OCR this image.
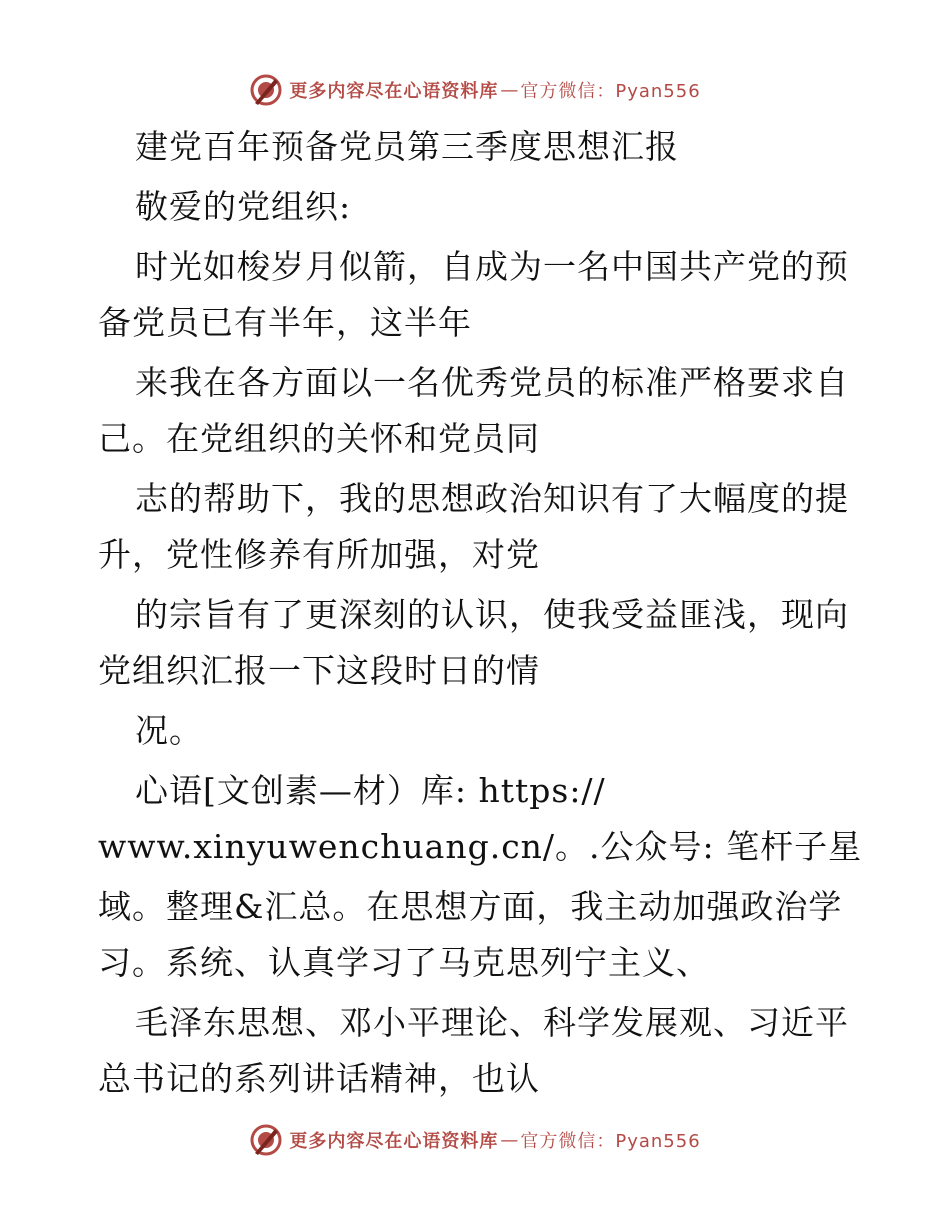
更多内容尽在心语资料库 — 官方微信：Pyan556
建党百年预备党员第三季度思想汇报
敬爱的党组织:
时光如梭岁月似箭，自成为一名中国共产党的预
备党员已有半年，这半年
来我在各方面以一名优秀党员的标准严格要求自
己。在党组织的关怀和党员同
志的帮助下，我的思想政治知识有了大幅度的提
升，党性修养有所加强，对党
的宗旨有了更深刻的认识，使我受益匪浅，现向
党组织汇报一下这段时日的情
况。
心语[文创素—材）库: https://
www.xinyuwenchuang.cn/。.公众号: 笔杆子星
域。整理&汇总。在思想方面，我主动加强政治学
习。系统、认真学习了马克思列宁主义、
毛泽东思想、邓小平理论、科学发展观、习近平
总书记的系列讲话精神，也认
更多内容尽在心语资料库 — 官方微信：Pyan556
